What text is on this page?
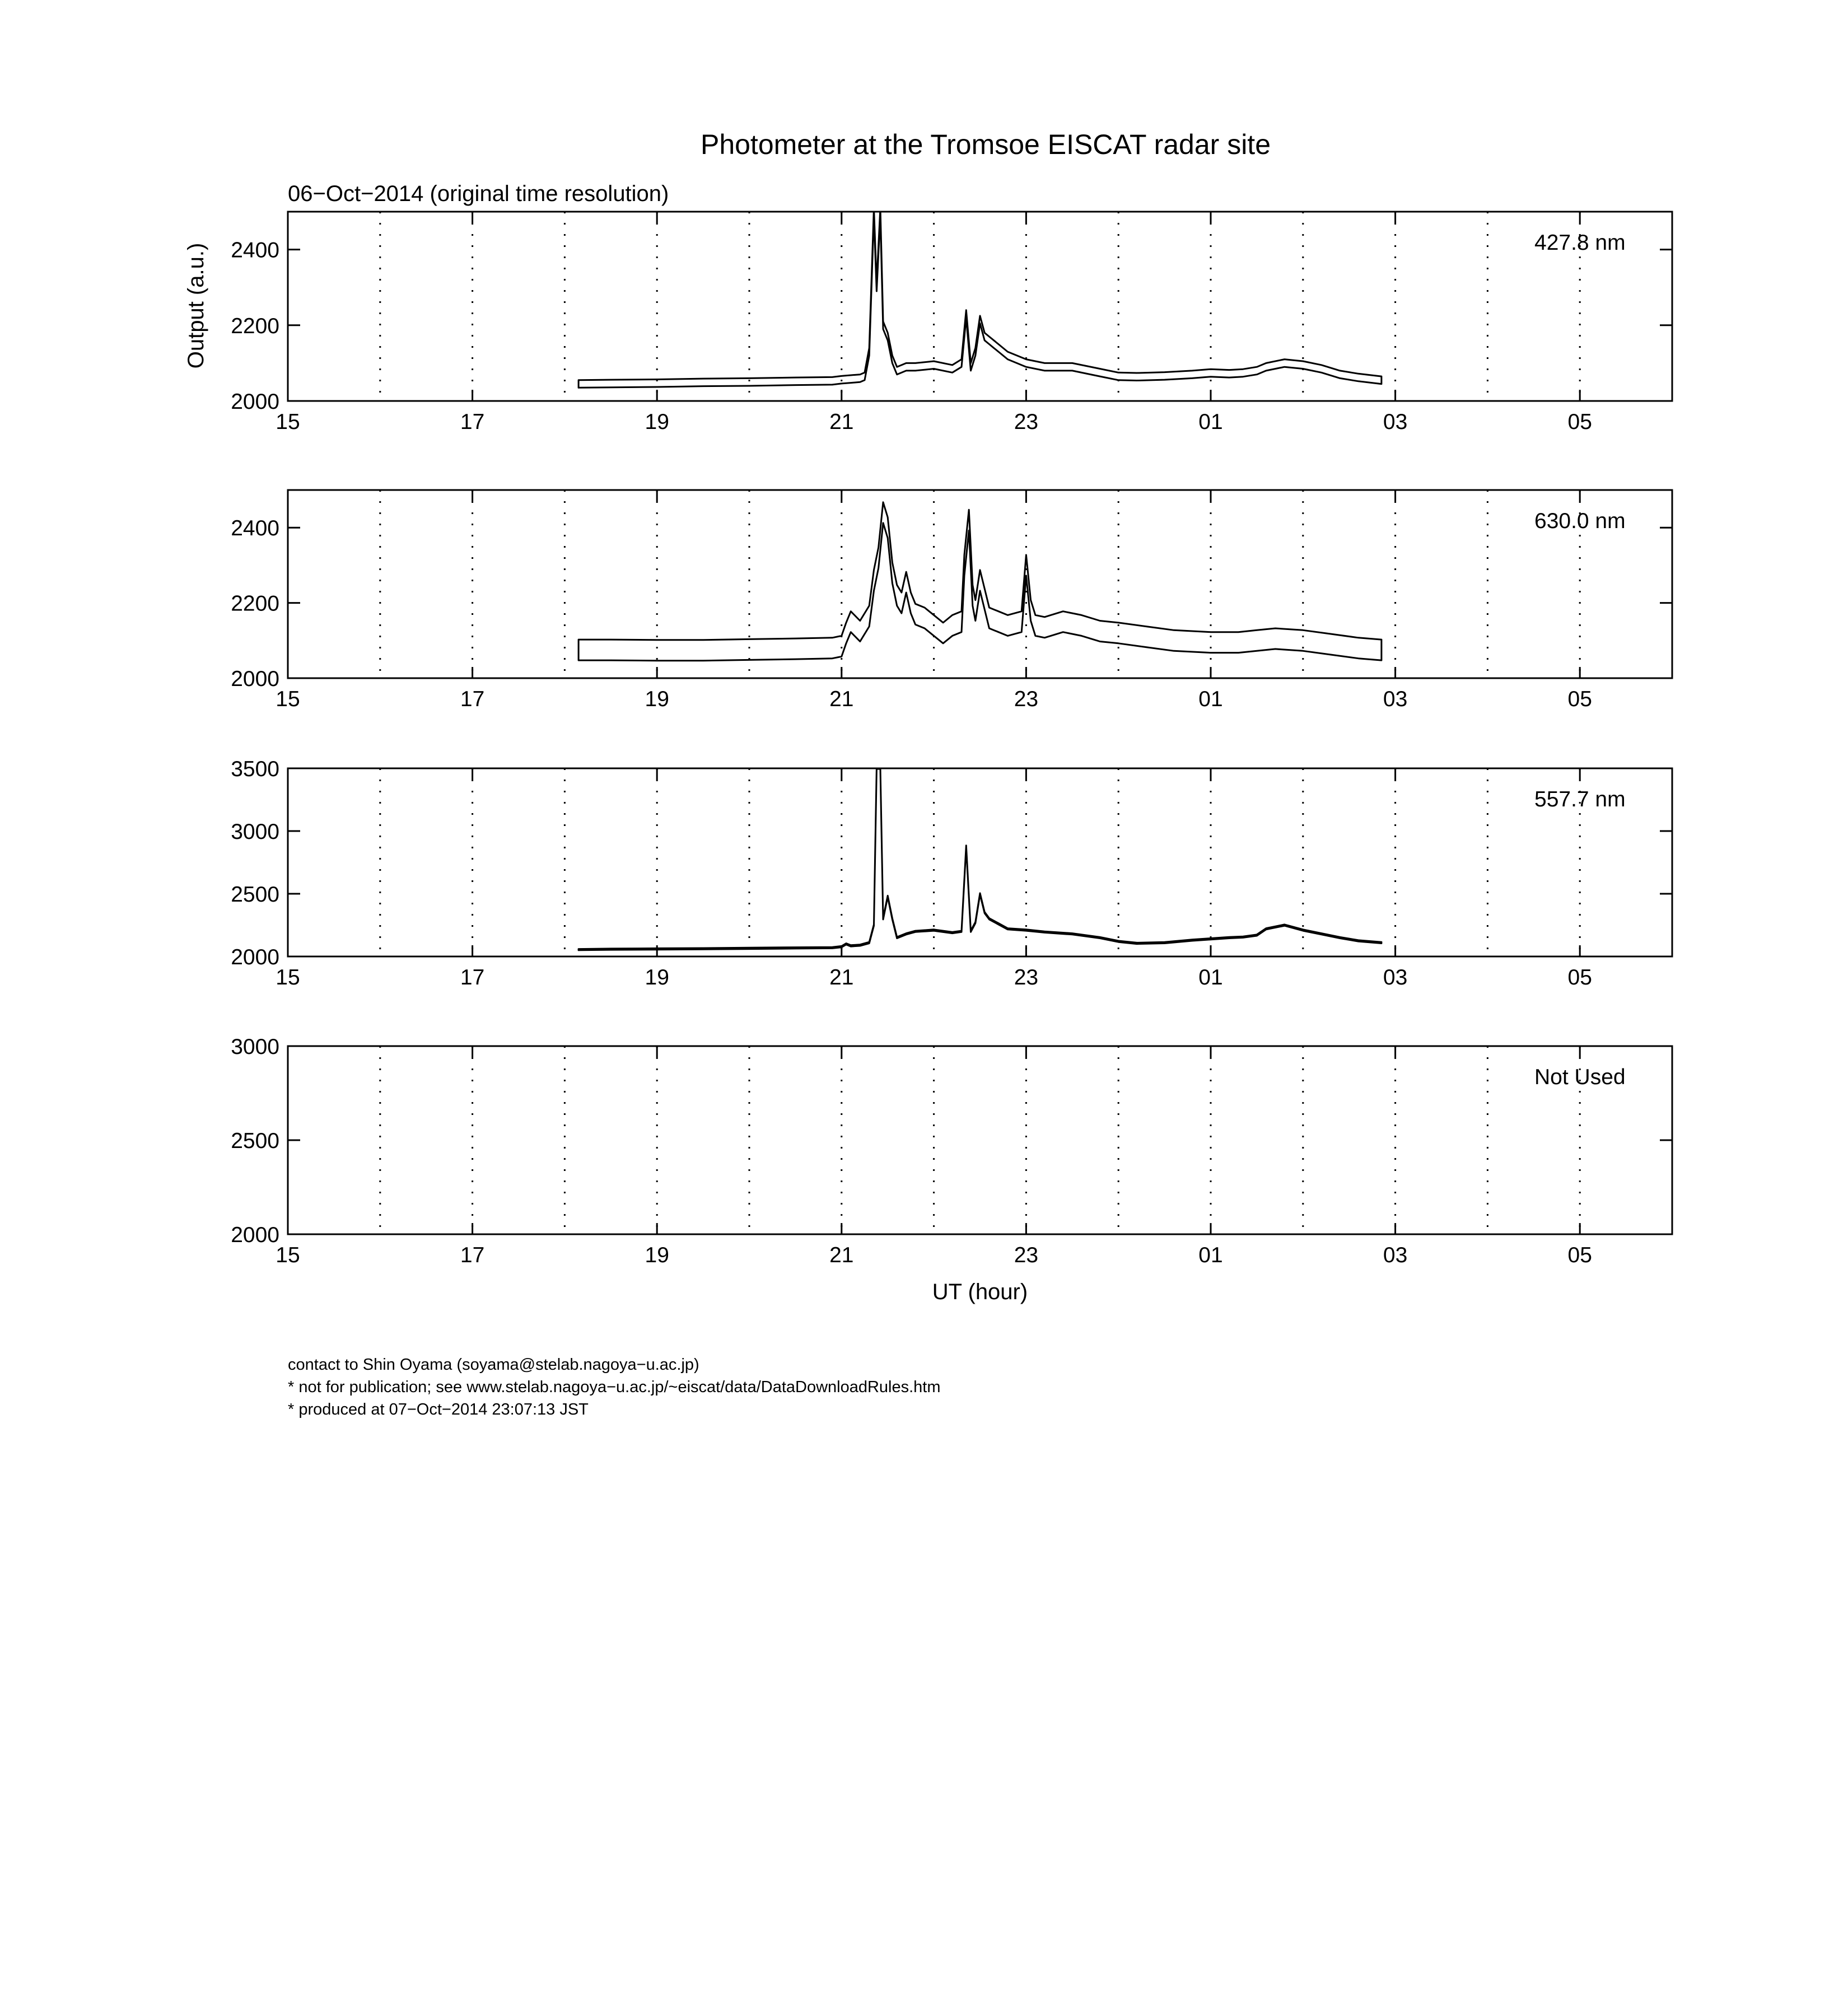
Photometer at the Tromsoe EISCAT radar site
06−Oct−2014 (original time resolution)
Output (a.u.)
15	17	19	21	23	01	03	05
2000
2200
2400	427.8 nm
15	17	19	21	23	01	03	05
2000
2200
2400	630.0 nm
15	17	19	21	23	01	03	05
2000
2500
3000
3500
557.7 nm
15	17	19	21	23	01	03	05
2000
2500
3000
Not Used
UT (hour)
contact to Shin Oyama (soyama@stelab.nagoya−u.ac.jp)
* not for publication; see www.stelab.nagoya−u.ac.jp/~eiscat/data/DataDownloadRules.htm
* produced at 07−Oct−2014 23:07:13 JST
